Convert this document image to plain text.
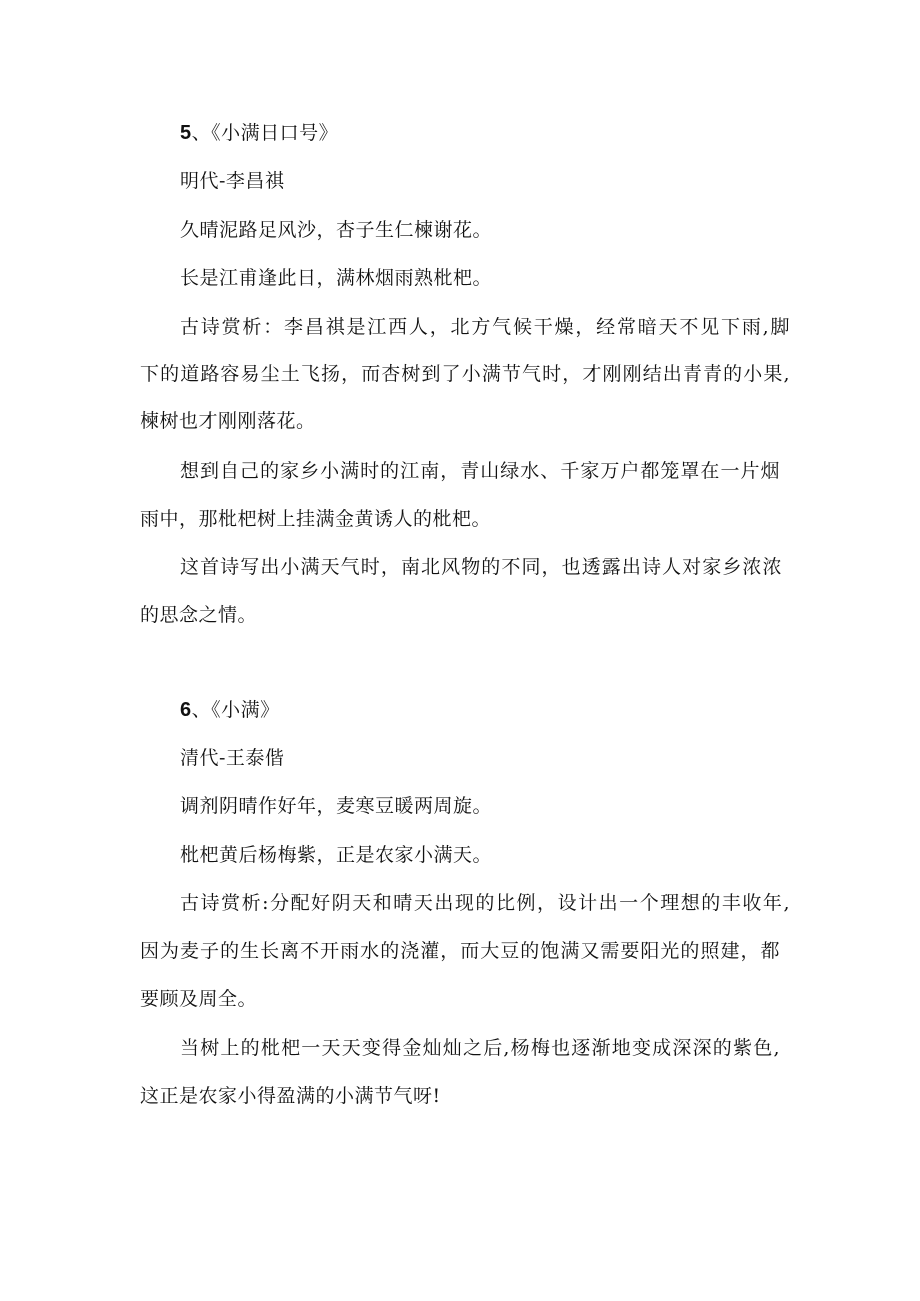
5、《小满日口号》
明代-李昌祺
久晴泥路足风沙，杏子生仁楝谢花。
长是江甫逢此日，满林烟雨熟枇杷。
古诗赏析：李昌祺是江西人，北方气候干燥，经常暗天不见下雨,脚
下的道路容易尘土飞扬，而杏树到了小满节气时，才刚刚结出青青的小果,
楝树也才刚刚落花。
想到自己的家乡小满时的江南，青山绿水、千家万户都笼罩在一片烟
雨中，那枇杷树上挂满金黄诱人的枇杷。
这首诗写出小满天气时，南北风物的不同，也透露出诗人对家乡浓浓
的思念之情。
6、《小满》
清代-王泰偕
调剂阴晴作好年，麦寒豆暖两周旋。
枇杷黄后杨梅紫，正是农家小满天。
古诗赏析:分配好阴天和晴天出现的比例，设计出一个理想的丰收年,
因为麦子的生长离不开雨水的浇灌，而大豆的饱满又需要阳光的照建，都
要顾及周全。
当树上的枇杷一天天变得金灿灿之后,杨梅也逐渐地变成深深的紫色,
这正是农家小得盈满的小满节气呀!
